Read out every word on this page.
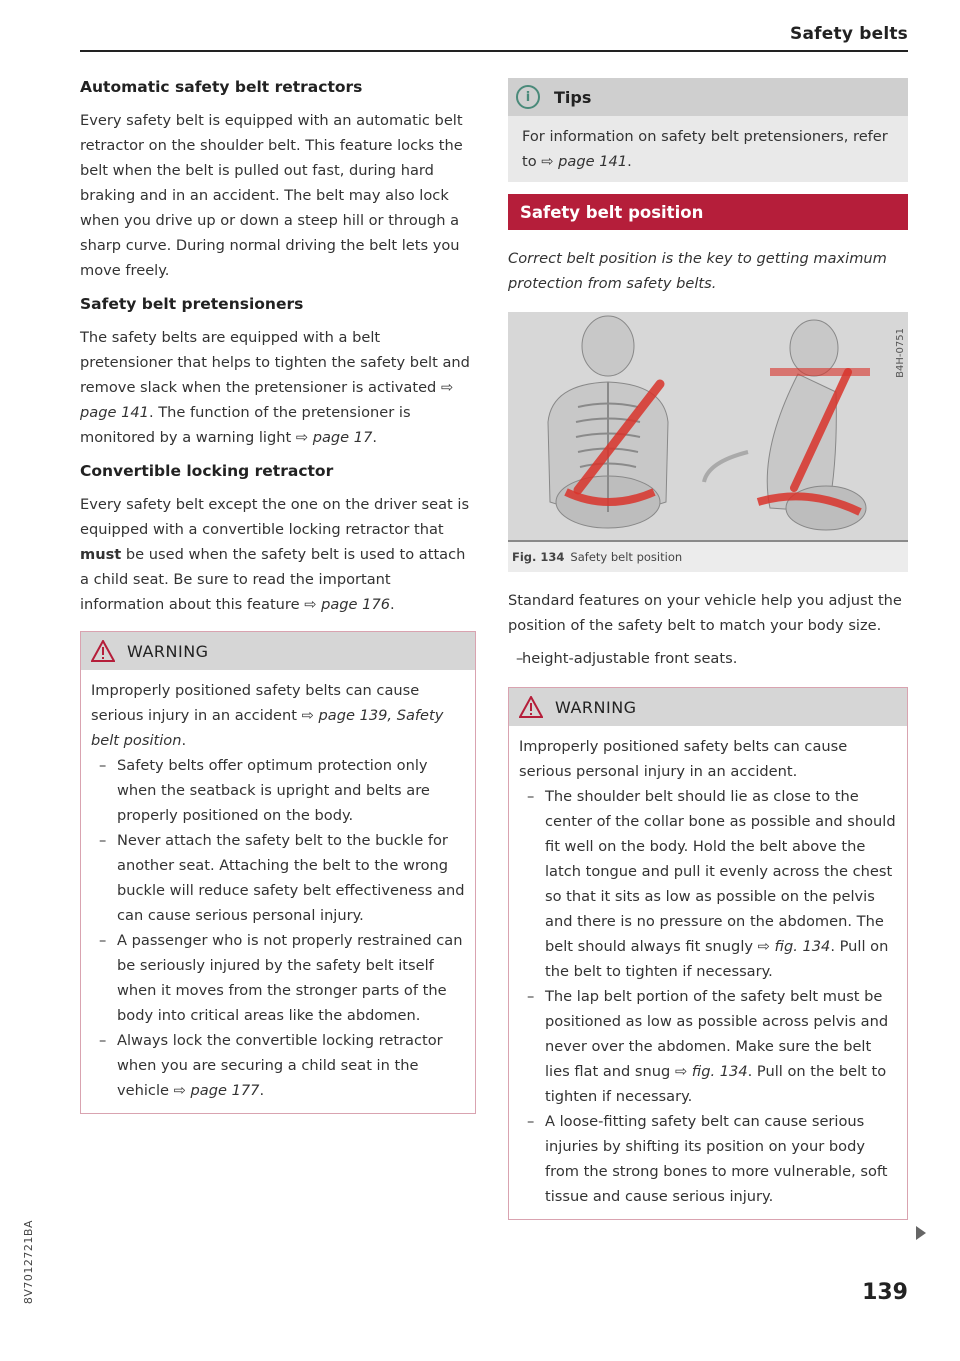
Safety belts
Automatic safety belt retractors

Every safety belt is equipped with an automatic belt retractor on the shoulder belt. This feature locks the belt when the belt is pulled out fast, during hard braking and in an accident. The belt may also lock when you drive up or down a steep hill or through a sharp curve. During normal driving the belt lets you move freely.

Safety belt pretensioners

The safety belts are equipped with a belt pretensioner that helps to tighten the safety belt and remove slack when the pretensioner is activated ⇨ page 141. The function of the pretensioner is monitored by a warning light ⇨ page 17.

Convertible locking retractor

Every safety belt except the one on the driver seat is equipped with a convertible locking retractor that must be used when the safety belt is used to attach a child seat. Be sure to read the important information about this feature ⇨ page 176.

WARNING

Improperly positioned safety belts can cause serious injury in an accident ⇨ page 139, Safety belt position.

– Safety belts offer optimum protection only when the seatback is upright and belts are properly positioned on the body.
– Never attach the safety belt to the buckle for another seat. Attaching the belt to the wrong buckle will reduce safety belt effectiveness and can cause serious personal injury.
– A passenger who is not properly restrained can be seriously injured by the safety belt itself when it moves from the stronger parts of the body into critical areas like the abdomen.
– Always lock the convertible locking retractor when you are securing a child seat in the vehicle ⇨ page 177.
i	Tips
For information on safety belt pretensioners, refer to ⇨ page 141.
Safety belt position

Correct belt position is the key to getting maximum protection from safety belts.

B4H-0751
Fig. 134 Safety belt position

Standard features on your vehicle help you adjust the position of the safety belt to match your body size.

– height-adjustable front seats.
WARNING

Improperly positioned safety belts can cause serious personal injury in an accident.

– The shoulder belt should lie as close to the center of the collar bone as possible and should fit well on the body. Hold the belt above the latch tongue and pull it evenly across the chest so that it sits as low as possible on the pelvis and there is no pressure on the abdomen. The belt should always fit snugly ⇨ fig. 134. Pull on the belt to tighten if necessary.
– The lap belt portion of the safety belt must be positioned as low as possible across pelvis and never over the abdomen. Make sure the belt lies flat and snug ⇨ fig. 134. Pull on the belt to tighten if necessary.
– A loose-fitting safety belt can cause serious injuries by shifting its position on your body from the strong bones to more vulnerable, soft tissue and cause serious injury.
139
8V7012721BA
